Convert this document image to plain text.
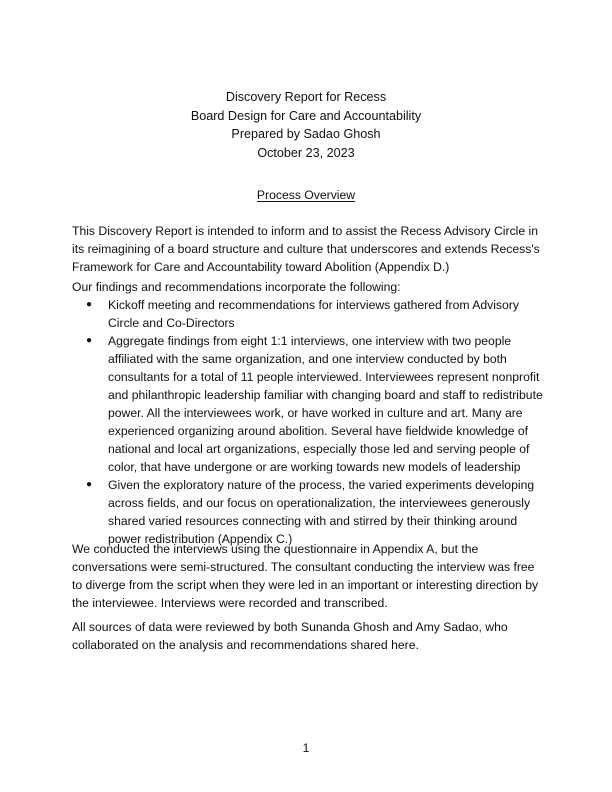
Discovery Report for Recess
Board Design for Care and Accountability
Prepared by Sadao Ghosh
October 23, 2023
Process Overview
This Discovery Report is intended to inform and to assist the Recess Advisory Circle in
its reimagining of a board structure and culture that underscores and extends Recess's
Framework for Care and Accountability toward Abolition (Appendix D.)
Our findings and recommendations incorporate the following:
● Kickoff meeting and recommendations for interviews gathered from Advisory
Circle and Co-Directors
● Aggregate findings from eight 1:1 interviews, one interview with two people
affiliated with the same organization, and one interview conducted by both
consultants for a total of 11 people interviewed. Interviewees represent nonprofit
and philanthropic leadership familiar with changing board and staff to redistribute
power. All the interviewees work, or have worked in culture and art. Many are
experienced organizing around abolition. Several have fieldwide knowledge of
national and local art organizations, especially those led and serving people of
color, that have undergone or are working towards new models of leadership
● Given the exploratory nature of the process, the varied experiments developing
across fields, and our focus on operationalization, the interviewees generously
shared varied resources connecting with and stirred by their thinking around
power redistribution (Appendix C.)
We conducted the interviews using the questionnaire in Appendix A, but the
conversations were semi-structured. The consultant conducting the interview was free
to diverge from the script when they were led in an important or interesting direction by
the interviewee. Interviews were recorded and transcribed.
All sources of data were reviewed by both Sunanda Ghosh and Amy Sadao, who
collaborated on the analysis and recommendations shared here.
1
